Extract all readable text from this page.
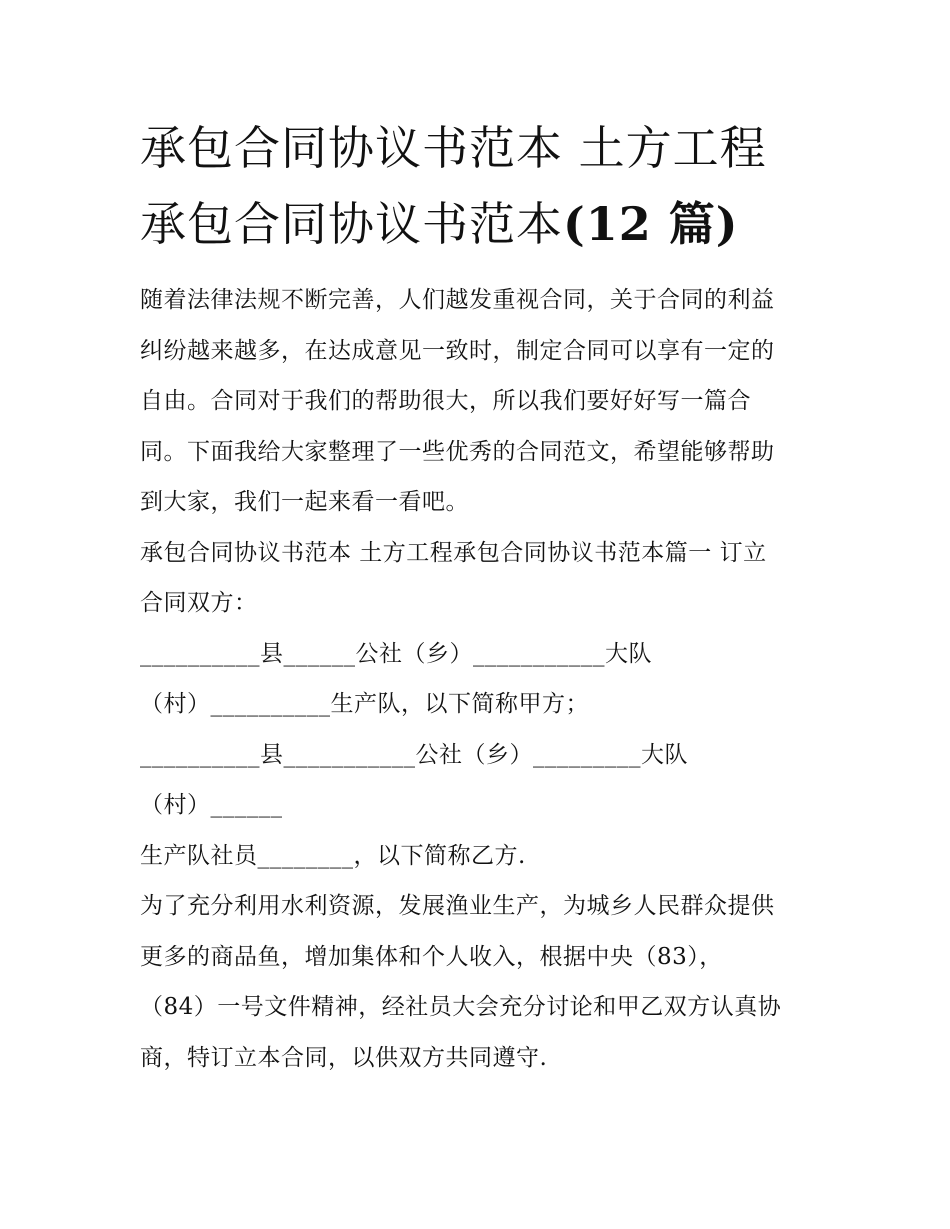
承包合同协议书范本 土方工程
承包合同协议书范本(12 篇)
随着法律法规不断完善，人们越发重视合同，关于合同的利益
纠纷越来越多，在达成意见一致时，制定合同可以享有一定的
自由。合同对于我们的帮助很大，所以我们要好好写一篇合
同。下面我给大家整理了一些优秀的合同范文，希望能够帮助
到大家，我们一起来看一看吧。
承包合同协议书范本 土方工程承包合同协议书范本篇一 订立
合同双方：
__________县______公社（乡）___________大队
（村）__________生产队，以下简称甲方；
__________县___________公社（乡）_________大队
（村）______
生产队社员________，以下简称乙方.
为了充分利用水利资源，发展渔业生产，为城乡人民群众提供
更多的商品鱼，增加集体和个人收入，根据中央（83），
（84）一号文件精神，经社员大会充分讨论和甲乙双方认真协
商，特订立本合同，以供双方共同遵守.
